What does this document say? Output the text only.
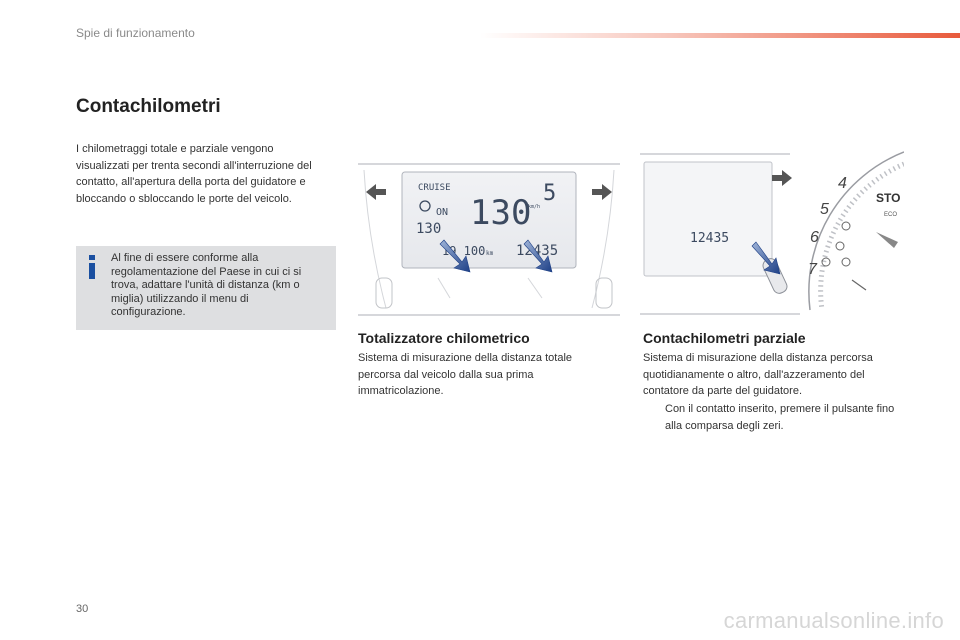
Spie di funzionamento
Contachilometri
I chilometraggi totale e parziale vengono visualizzati per trenta secondi all'interruzione del contatto, all'apertura della porta del guidatore e bloccando o sbloccando le porte del veicolo.
Al fine di essere conforme alla regolamentazione del Paese in cui ci si trova, adattare l'unità di distanza (km o miglia) utilizzando il menu di configurazione.
CRUISE
ON
130 130
km/h
5
19 100 km 12435
12435
4
5
6
7
STO
ECO
Totalizzatore chilometrico
Sistema di misurazione della distanza totale percorsa dal veicolo dalla sua prima immatricolazione.
Contachilometri parziale
Sistema di misurazione della distanza percorsa quotidianamente o altro, dall'azzeramento del contatore da parte del guidatore.
Con il contatto inserito, premere il pulsante fino alla comparsa degli zeri.
30	carmanualsonline.info
